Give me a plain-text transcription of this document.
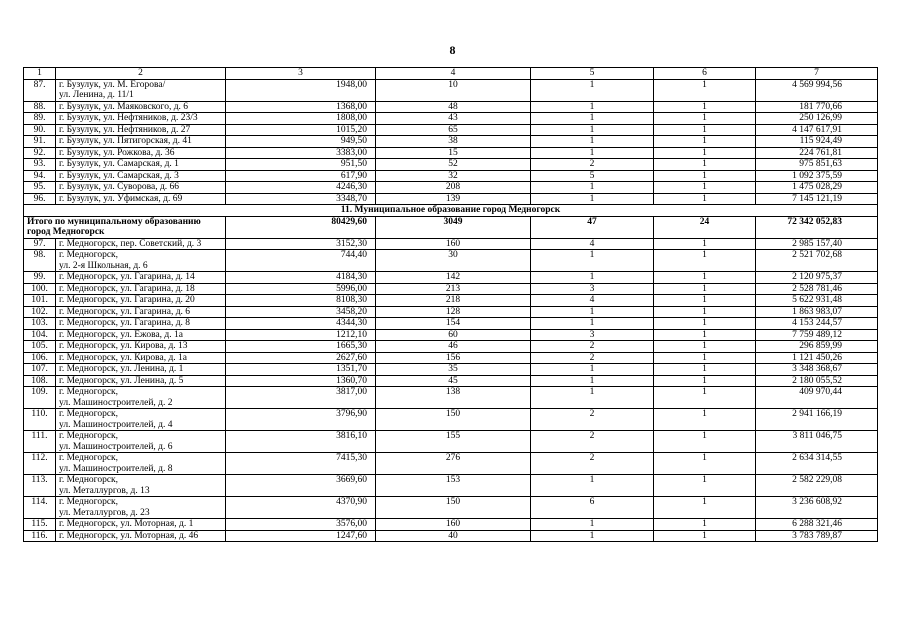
8
1	2	3	4	5	6	7
87.	г. Бузулук, ул. М. Егорова/
ул. Ленина, д. 11/1	1948,00	10	1	1	4 569 994,56
88.	г. Бузулук, ул. Маяковского, д. 6	1368,00	48	1	1	181 770,66
89.	г. Бузулук, ул. Нефтяников, д. 23/3	1808,00	43	1	1	250 126,99
90.	г. Бузулук, ул. Нефтяников, д. 27	1015,20	65	1	1	4 147 617,91
91.	г. Бузулук, ул. Пятигорская, д. 41	949,50	38	1	1	115 924,49
92.	г. Бузулук, ул. Рожкова, д. 36	3383,00	15	1	1	224 761,81
93.	г. Бузулук, ул. Самарская, д. 1	951,50	52	2	1	975 851,63
94.	г. Бузулук, ул. Самарская, д. 3	617,90	32	5	1	1 092 375,59
95.	г. Бузулук, ул. Суворова, д. 66	4246,30	208	1	1	1 475 028,29
96.	г. Бузулук, ул. Уфимская, д. 69	3348,70	139	1	1	7 145 121,19
11. Муниципальное образование город Медногорск						
Итого по муниципальному образованию город Медногорск		80429,60	3049	47	24	72 342 052,83
97.	г. Медногорск, пер. Советский, д. 3	3152,30	160	4	1	2 985 157,40
98.	г. Медногорск,
ул. 2-я Школьная, д. 6	744,40	30	1	1	2 521 702,68
99.	г. Медногорск, ул. Гагарина, д. 14	4184,30	142	1	1	2 120 975,37
100.	г. Медногорск, ул. Гагарина, д. 18	5996,00	213	3	1	2 528 781,46
101.	г. Медногорск, ул. Гагарина, д. 20	8108,30	218	4	1	5 622 931,48
102.	г. Медногорск, ул. Гагарина, д. 6	3458,20	128	1	1	1 863 983,07
103.	г. Медногорск, ул. Гагарина, д. 8	4344,30	154	1	1	4 153 244,57
104.	г. Медногорск, ул. Ежова, д. 1а	1212,10	60	3	1	7 759 489,12
105.	г. Медногорск, ул. Кирова, д. 13	1665,30	46	2	1	296 859,99
106.	г. Медногорск, ул. Кирова, д. 1а	2627,60	156	2	1	1 121 450,26
107.	г. Медногорск, ул. Ленина, д. 1	1351,70	35	1	1	3 348 368,67
108.	г. Медногорск, ул. Ленина, д. 5	1360,70	45	1	1	2 180 055,52
109.	г. Медногорск,
ул. Машиностроителей, д. 2	3817,00	138	1	1	409 970,44
110.	г. Медногорск,
ул. Машиностроителей, д. 4	3796,90	150	2	1	2 941 166,19
111.	г. Медногорск,
ул. Машиностроителей, д. 6	3816,10	155	2	1	3 811 046,75
112.	г. Медногорск,
ул. Машиностроителей, д. 8	7415,30	276	2	1	2 634 314,55
113.	г. Медногорск,
ул. Металлургов, д. 13	3669,60	153	1	1	2 582 229,08
114.	г. Медногорск,
ул. Металлургов, д. 23	4370,90	150	6	1	3 236 608,92
115.	г. Медногорск, ул. Моторная, д. 1	3576,00	160	1	1	6 288 321,46
116.	г. Медногорск, ул. Моторная, д. 46	1247,60	40	1	1	3 783 789,87
